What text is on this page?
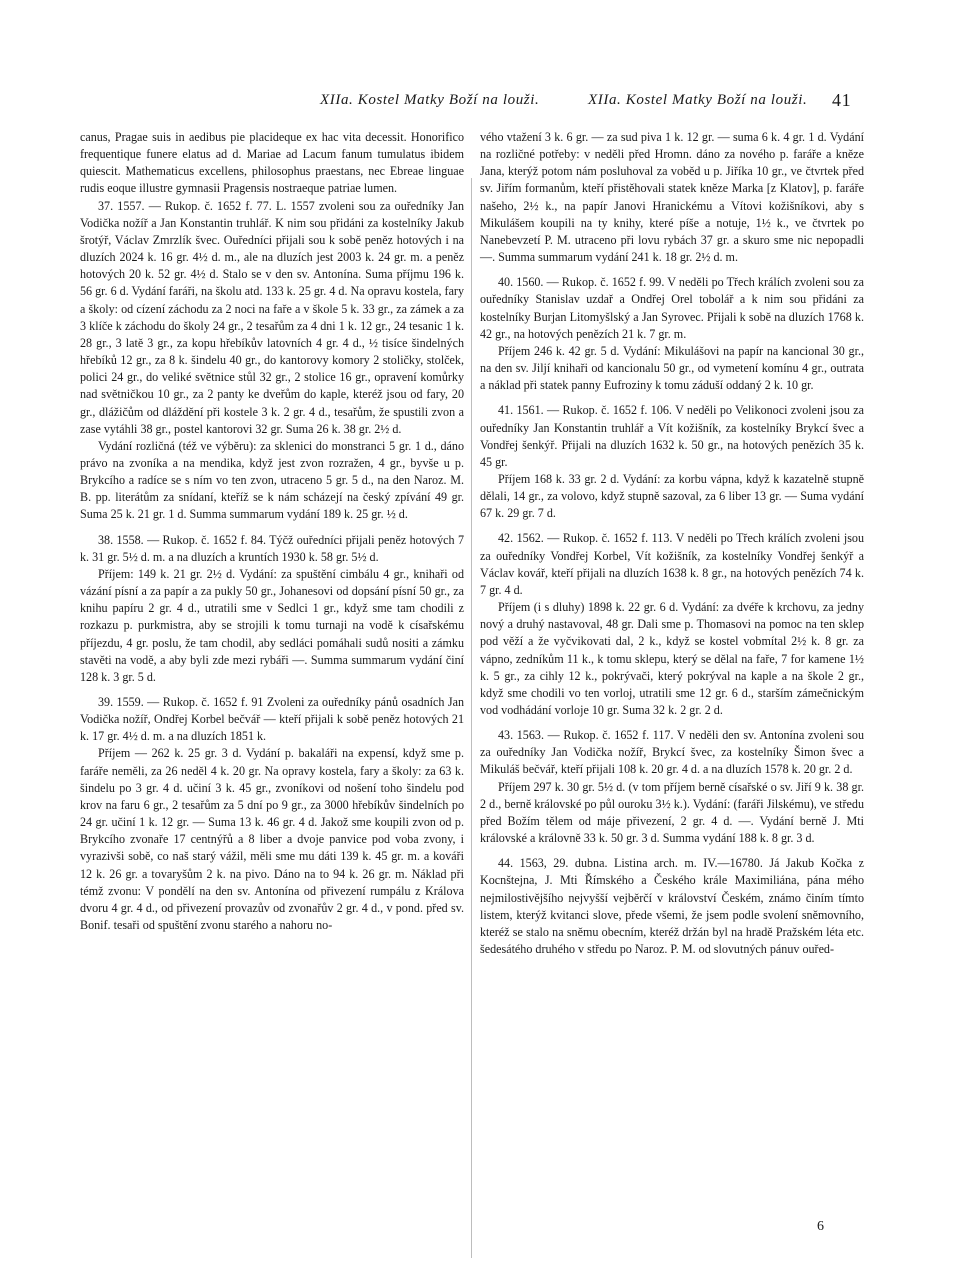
XIIa. Kostel Matky Boží na louži.	XIIa. Kostel Matky Boží na louži. 41

canus, Pragae suis in aedibus pie placideque ex hac vita decessit. Honorifico frequentique funere elatus ad d. Mariae ad Lacum fanum tumulatus ibidem quiescit. Mathematicus excellens, philosophus praestans, nec Ebreae linguae rudis eoque illustre gymnasii Pragensis nostraeque patriae lumen.

37. 1557. — Rukop. č. 1652 f. 77. L. 1557 zvoleni sou za ouředníky Jan Vodička nožíř a Jan Konstantin truhlář. K nim sou přidáni za kostelníky Jakub šrotýř, Václav Zmrzlík švec. Ouředníci přijali sou k sobě peněz hotových i na dluzích 2024 k. 16 gr. 4½ d. m., ale na dluzích jest 2003 k. 24 gr. m. a peněz hotových 20 k. 52 gr. 4½ d. Stalo se v den sv. Antonína. Suma příjmu 196 k. 56 gr. 6 d. Vydání faráři, na školu atd. 133 k. 25 gr. 4 d. Na opravu kostela, fary a školy: od cízení záchodu za 2 noci na faře a v škole 5 k. 33 gr., za zámek a za 3 klíče k záchodu do školy 24 gr., 2 tesařům za 4 dni 1 k. 12 gr., 24 tesanic 1 k. 28 gr., 3 latě 3 gr., za kopu hřebíkův latovních 4 gr. 4 d., ½ tisíce šindelných hřebíků 12 gr., za 8 k. šindelu 40 gr., do kantorovy komory 2 stoličky, stolček, polici 24 gr., do veliké světnice stůl 32 gr., 2 stolice 16 gr., opravení komůrky nad světničkou 10 gr., za 2 panty ke dveřům do kaple, kteréž jsou od fary, 20 gr., dlážičům od dláždění při kostele 3 k. 2 gr. 4 d., tesařům, že spustili zvon a zase vytáhli 38 gr., postel kantorovi 32 gr. Suma 26 k. 38 gr. 2½ d.

Vydání rozličná (též ve výběru): za sklenici do monstranci 5 gr. 1 d., dáno právo na zvoníka a na mendika, když jest zvon rozražen, 4 gr., byvše u p. Brykcího a radíce se s ním vo ten zvon, utraceno 5 gr. 5 d., na den Naroz. M. B. pp. literátům za snídaní, kteříž se k nám scházejí na český zpívání 49 gr. Suma 25 k. 21 gr. 1 d. Summa summarum vydání 189 k. 25 gr. ½ d.

38. 1558. — Rukop. č. 1652 f. 84. Týčž ouředníci přijali peněz hotových 7 k. 31 gr. 5½ d. m. a na dluzích a kruntích 1930 k. 58 gr. 5½ d.

Příjem: 149 k. 21 gr. 2½ d. Vydání: za spuštění cimbálu 4 gr., knihaři od vázání písní a za papír a za pukly 50 gr., Johanesovi od dopsání písní 50 gr., za knihu papíru 2 gr. 4 d., utratili sme v Sedlci 1 gr., když sme tam chodili z rozkazu p. purkmistra, aby se strojili k tomu turnaji na vodě k císařskému příjezdu, 4 gr. poslu, že tam chodil, aby sedláci pomáhali sudů nositi a zámku stavěti na vodě, a aby byli zde mezi rybáři —. Summa summarum vydání činí 128 k. 3 gr. 5 d.

39. 1559. — Rukop. č. 1652 f. 91 Zvoleni za ouředníky pánů osadních Jan Vodička nožíř, Ondřej Korbel bečvář — kteří přijali k sobě peněz hotových 21 k. 17 gr. 4½ d. m. a na dluzích 1851 k.

Příjem — 262 k. 25 gr. 3 d. Vydání p. bakaláři na expensí, když sme p. faráře neměli, za 26 neděl 4 k. 20 gr. Na opravy kostela, fary a školy: za 63 k. šindelu po 3 gr. 4 d. učiní 3 k. 45 gr., zvoníkovi od nošení toho šindelu pod krov na faru 6 gr., 2 tesařům za 5 dní po 9 gr., za 3000 hřebíkův šindelních po 24 gr. učiní 1 k. 12 gr. — Suma 13 k. 46 gr. 4 d. Jakož sme koupili zvon od p. Brykcího zvonaře 17 centnýřů a 8 liber a dvoje panvice pod voba zvony, i vyrazivši sobě, co naš starý vážil, měli sme mu dáti 139 k. 45 gr. m. a kováři 12 k. 26 gr. a tovaryšům 2 k. na pivo. Dáno na to 94 k. 26 gr. m. Náklad při témž zvonu: V pondělí na den sv. Antonína od přivezení rumpálu z Králova dvoru 4 gr. 4 d., od přivezení provazův od zvonařův 2 gr. 4 d., v pond. před sv. Bonif. tesaři od spuštění zvonu starého a nahoru no-

vého vtažení 3 k. 6 gr. — za sud piva 1 k. 12 gr. — suma 6 k. 4 gr. 1 d. Vydání na rozličné potřeby: v neděli před Hromn. dáno za nového p. faráře a kněze Jana, kterýž potom nám posluhoval za voběd u p. Jiříka 10 gr., ve čtvrtek před sv. Jiřím formanům, kteří přistěhovali statek kněze Marka [z Klatov], p. faráře našeho, 2½ k., na papír Janovi Hranickému a Vítovi kožišníkovi, aby s Mikulášem koupili na ty knihy, které píše a notuje, 1½ k., ve čtvrtek po Nanebevzetí P. M. utraceno při lovu rybách 37 gr. a skuro sme nic nepopadli —. Summa summarum vydání 241 k. 18 gr. 2½ d. m.

40. 1560. — Rukop. č. 1652 f. 99. V neděli po Třech králích zvoleni sou za ouředníky Stanislav uzdař a Ondřej Orel tobolář a k nim sou přidáni za kostelníky Burjan Litomyšlský a Jan Syrovec. Přijali k sobě na dluzích 1768 k. 42 gr., na hotových penězích 21 k. 7 gr. m.

Příjem 246 k. 42 gr. 5 d. Vydání: Mikulášovi na papír na kancional 30 gr., na den sv. Jiljí knihaři od kancionalu 50 gr., od vymetení komínu 4 gr., outrata a náklad při statek panny Eufroziny k tomu záduší oddaný 2 k. 10 gr.

41. 1561. — Rukop. č. 1652 f. 106. V neděli po Velikonoci zvoleni jsou za ouředníky Jan Konstantin truhlář a Vít kožišník, za kostelníky Brykcí švec a Vondřej šenkýř. Přijali na dluzích 1632 k. 50 gr., na hotových penězích 35 k. 45 gr.

Příjem 168 k. 33 gr. 2 d. Vydání: za korbu vápna, když k kazatelně stupně dělali, 14 gr., za volovo, když stupně sazoval, za 6 liber 13 gr. — Suma vydání 67 k. 29 gr. 7 d.

42. 1562. — Rukop. č. 1652 f. 113. V neděli po Třech králích zvoleni jsou za ouředníky Vondřej Korbel, Vít kožišník, za kostelníky Vondřej šenkýř a Václav kovář, kteří přijali na dluzích 1638 k. 8 gr., na hotových penězích 74 k. 7 gr. 4 d.

Příjem (i s dluhy) 1898 k. 22 gr. 6 d. Vydání: za dvéře k krchovu, za jedny nový a druhý nastavoval, 48 gr. Dali sme p. Thomasovi na pomoc na ten sklep pod věží a že vyčvikovati dal, 2 k., když se kostel vobmítal 2½ k. 8 gr. za vápno, zedníkům 11 k., k tomu sklepu, který se dělal na faře, 7 for kamene 1½ k. 5 gr., za cihly 12 k., pokrývači, který pokrýval na kaple a na škole 2 gr., když sme chodili vo ten vorloj, utratili sme 12 gr. 6 d., starším zámečnickým vod vodhádání vorloje 10 gr. Suma 32 k. 2 gr. 2 d.

43. 1563. — Rukop. č. 1652 f. 117. V neděli den sv. Antonína zvoleni sou za ouředníky Jan Vodička nožíř, Brykcí švec, za kostelníky Šimon švec a Mikuláš bečvář, kteří přijali 108 k. 20 gr. 4 d. a na dluzích 1578 k. 20 gr. 2 d.

Příjem 297 k. 30 gr. 5½ d. (v tom příjem berně císařské o sv. Jiří 9 k. 38 gr. 2 d., berně královské po půl ouroku 3½ k.). Vydání: (faráři Jilskému), ve středu před Božím tělem od máje přivezení, 2 gr. 4 d. —. Vydání berně J. Mti královské a královně 33 k. 50 gr. 3 d. Summa vydání 188 k. 8 gr. 3 d.

44. 1563, 29. dubna. Listina arch. m. IV.—16780. Já Jakub Kočka z Kocnštejna, J. Mti Římského a Českého krále Maximiliána, pána mého nejmilostivějšího nejvyšší vejběrčí v království Českém, známo činím tímto listem, kterýž kvitanci slove, přede všemi, že jsem podle svolení sněmovního, kteréž se stalo na sněmu obecním, kteréž držán byl na hradě Pražském léta etc. šedesátého druhého v středu po Naroz. P. M. od slovutných pánuv ouřed-

6
